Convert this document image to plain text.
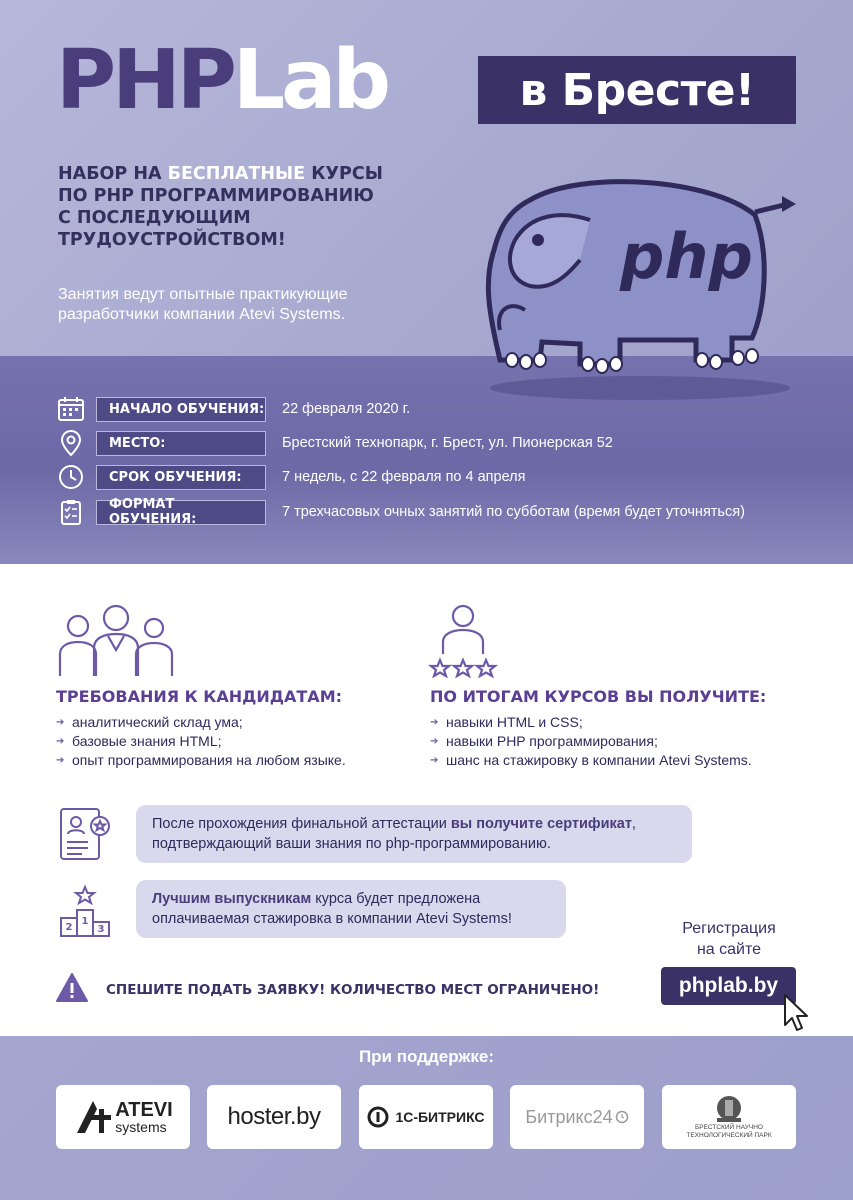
PHPLab	в Бресте!
НАБОР НА БЕСПЛАТНЫЕ КУРСЫ
ПО PHP ПРОГРАММИРОВАНИЮ
С ПОСЛЕДУЮЩИМ
ТРУДОУСТРОЙСТВОМ!
Занятия ведут опытные практикующие
разработчики компании Atevi Systems.
php
НАЧАЛО ОБУЧЕНИЯ: 22 февраля 2020 г.
МЕСТО:	Брестский технопарк, г. Брест, ул. Пионерская 52
СРОК ОБУЧЕНИЯ:	7 недель, с 22 февраля по 4 апреля
ФОРМАТ ОБУЧЕНИЯ:	7 трехчасовых очных занятий по субботам (время будет уточняться)
ТРЕБОВАНИЯ К КАНДИДАТАМ:
➔ аналитический склад ума;
➔ базовые знания HTML;
➔ опыт программирования на любом языке.
ПО ИТОГАМ КУРСОВ ВЫ ПОЛУЧИТЕ:
➔ навыки HTML и CSS;
➔ навыки PHP программирования;
➔ шанс на стажировку в компании Atevi Systems.
После прохождения финальной аттестации вы получите сертификат,
подтверждающий ваши знания по php-программированию.
1
2	3
Лучшим выпускникам курса будет предложена
оплачиваемая стажировка в компании Atevi Systems!
СПЕШИТЕ ПОДАТЬ ЗАЯВКУ! КОЛИЧЕСТВО МЕСТ ОГРАНИЧЕНО!
Регистрация
на сайте
phplab.by
При поддержке:
ATEVI
systems	hoster.by	1С-БИТРИКС Битрикс24
БРЕСТСКИЙ НАУЧНО
ТЕХНОЛОГИЧЕСКИЙ ПАРК
